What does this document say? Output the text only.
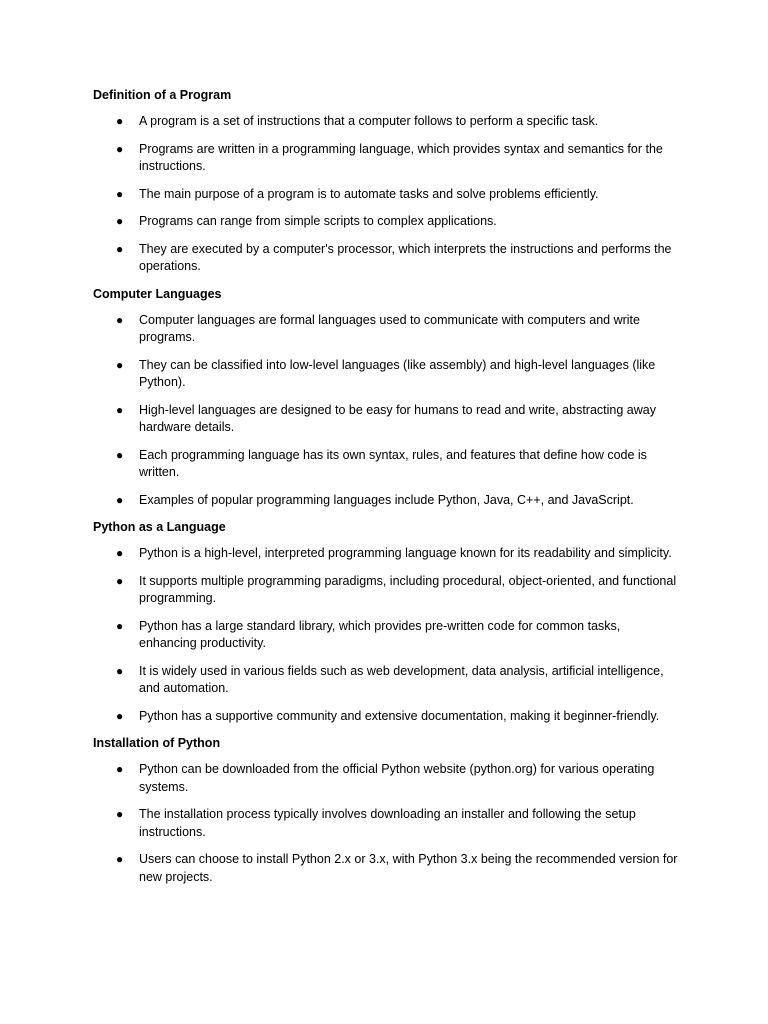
Definition of a Program
● A program is a set of instructions that a computer follows to perform a specific task.
● Programs are written in a programming language, which provides syntax and semantics for the instructions.
● The main purpose of a program is to automate tasks and solve problems efficiently.
● Programs can range from simple scripts to complex applications.
● They are executed by a computer's processor, which interprets the instructions and performs the operations.
Computer Languages
● Computer languages are formal languages used to communicate with computers and write programs.
● They can be classified into low-level languages (like assembly) and high-level languages (like Python).
● High-level languages are designed to be easy for humans to read and write, abstracting away hardware details.
● Each programming language has its own syntax, rules, and features that define how code is written.
● Examples of popular programming languages include Python, Java, C++, and JavaScript.
Python as a Language
● Python is a high-level, interpreted programming language known for its readability and simplicity.
● It supports multiple programming paradigms, including procedural, object-oriented, and functional programming.
● Python has a large standard library, which provides pre-written code for common tasks, enhancing productivity.
● It is widely used in various fields such as web development, data analysis, artificial intelligence, and automation.
● Python has a supportive community and extensive documentation, making it beginner-friendly.
Installation of Python
● Python can be downloaded from the official Python website (python.org) for various operating systems.
● The installation process typically involves downloading an installer and following the setup instructions.
● Users can choose to install Python 2.x or 3.x, with Python 3.x being the recommended version for new projects.
